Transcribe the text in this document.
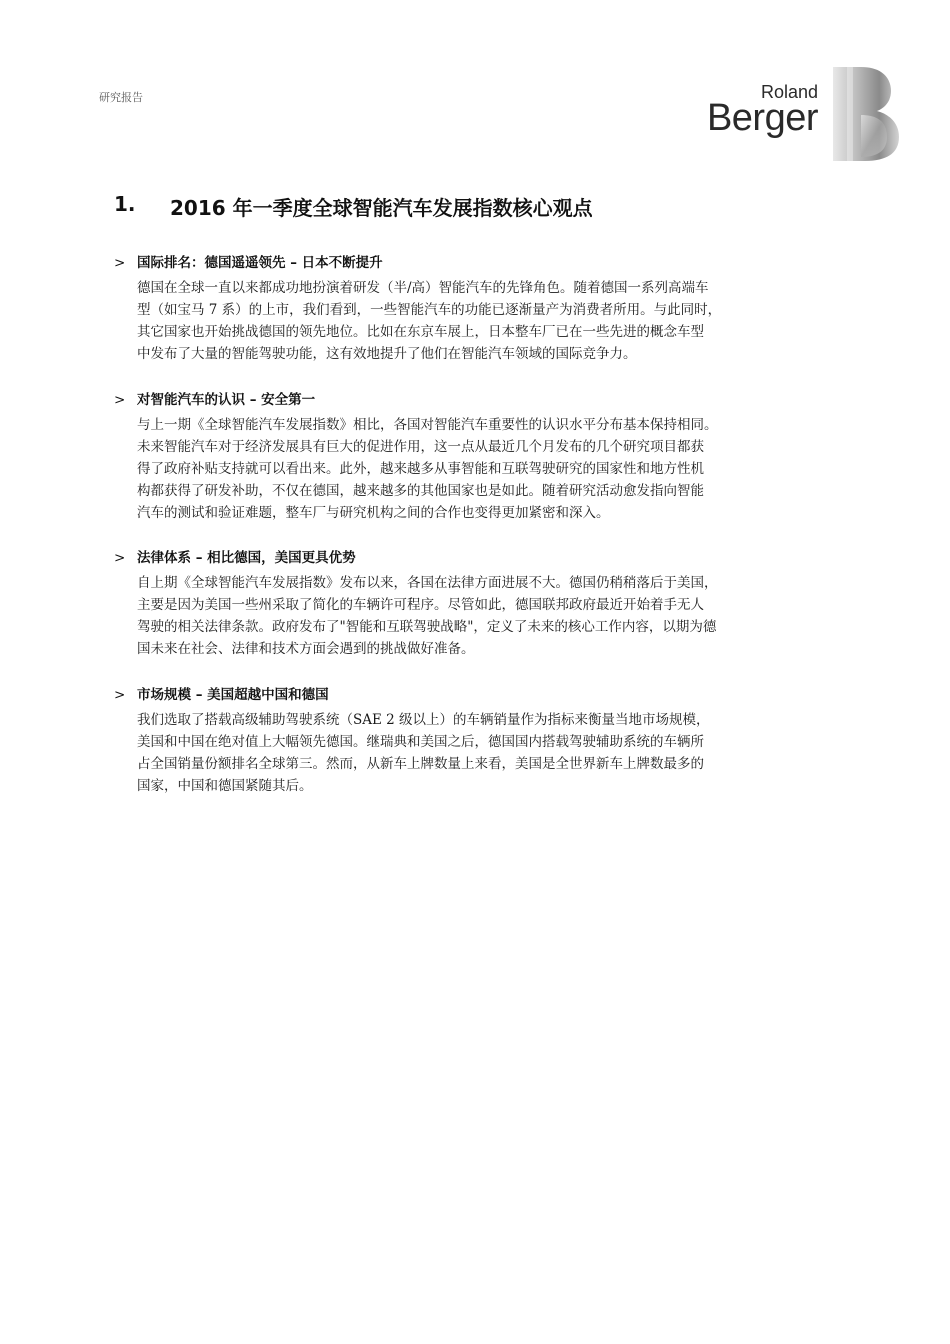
研究报告	Roland
Berger
1.	2016 年一季度全球智能汽车发展指数核心观点
> 国际排名：德国遥遥领先 – 日本不断提升
德国在全球一直以来都成功地扮演着研发（半/高）智能汽车的先锋角色。随着德国一系列高端车
型（如宝马 7 系）的上市，我们看到，一些智能汽车的功能已逐渐量产为消费者所用。与此同时，
其它国家也开始挑战德国的领先地位。比如在东京车展上，日本整车厂已在一些先进的概念车型
中发布了大量的智能驾驶功能，这有效地提升了他们在智能汽车领域的国际竞争力。
> 对智能汽车的认识 – 安全第一
与上一期《全球智能汽车发展指数》相比，各国对智能汽车重要性的认识水平分布基本保持相同。
未来智能汽车对于经济发展具有巨大的促进作用，这一点从最近几个月发布的几个研究项目都获
得了政府补贴支持就可以看出来。此外，越来越多从事智能和互联驾驶研究的国家性和地方性机
构都获得了研发补助，不仅在德国，越来越多的其他国家也是如此。随着研究活动愈发指向智能
汽车的测试和验证难题，整车厂与研究机构之间的合作也变得更加紧密和深入。
> 法律体系 – 相比德国，美国更具优势
自上期《全球智能汽车发展指数》发布以来，各国在法律方面进展不大。德国仍稍稍落后于美国，
主要是因为美国一些州采取了简化的车辆许可程序。尽管如此，德国联邦政府最近开始着手无人
驾驶的相关法律条款。政府发布了"智能和互联驾驶战略"，定义了未来的核心工作内容，以期为德
国未来在社会、法律和技术方面会遇到的挑战做好准备。
> 市场规模 – 美国超越中国和德国
我们选取了搭载高级辅助驾驶系统（SAE 2 级以上）的车辆销量作为指标来衡量当地市场规模，
美国和中国在绝对值上大幅领先德国。继瑞典和美国之后，德国国内搭载驾驶辅助系统的车辆所
占全国销量份额排名全球第三。然而，从新车上牌数量上来看，美国是全世界新车上牌数最多的
国家，中国和德国紧随其后。
